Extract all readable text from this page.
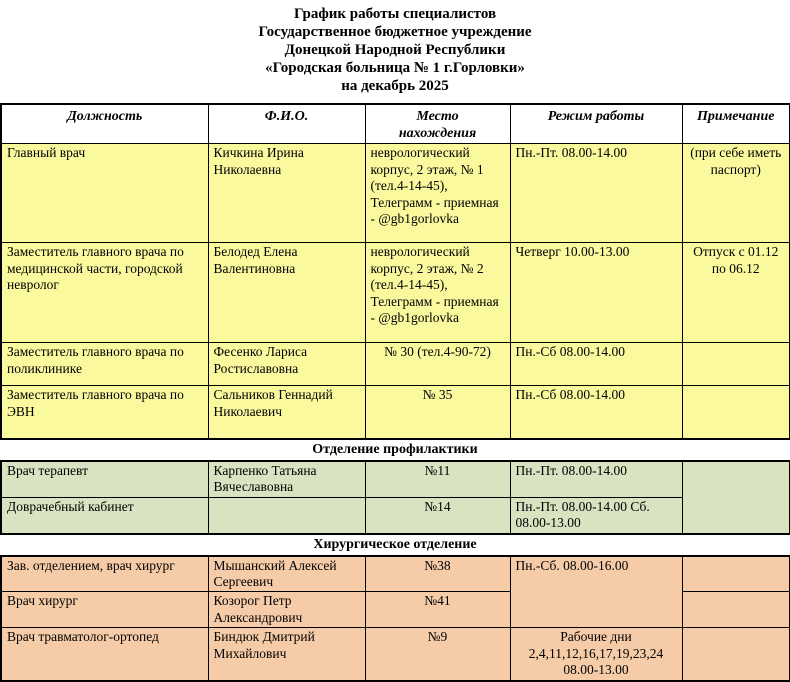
График работы специалистов
Государственное бюджетное учреждение
Донецкой Народной Республики
«Городская больница № 1 г.Горловки»
на декабрь 2025
Должность	Ф.И.О.	Место нахождения	Режим работы	Примечание
Главный врач	Кичкина Ирина Николаевна	неврологический корпус, 2 этаж, № 1 (тел.4-14-45), Телеграмм - приемная - @gb1gorlovka	Пн.-Пт. 08.00-14.00	(при себе иметь паспорт)
Заместитель главного врача по медицинской части, городской невролог	Белодед Елена Валентиновна	неврологический корпус, 2 этаж, № 2 (тел.4-14-45), Телеграмм - приемная - @gb1gorlovka	Четверг 10.00-13.00	Отпуск с 01.12 по 06.12
Заместитель главного врача по поликлинике	Фесенко Лариса Ростиславовна	№ 30 (тел.4-90-72)	Пн.-Сб 08.00-14.00	
Заместитель главного врача по ЭВН	Сальников Геннадий Николаевич	№ 35	Пн.-Сб 08.00-14.00	
Отделение профилактики
Врач терапевт	Карпенко Татьяна Вячеславовна	№11	Пн.-Пт. 08.00-14.00	
Доврачебный кабинет		№14	Пн.-Пт. 08.00-14.00 Сб. 08.00-13.00	
Хирургическое отделение
Зав. отделением, врач хирург	Мышанский Алексей Сергеевич	№38	Пн.-Сб. 08.00-16.00	
Врач хирург	Козорог Петр Александрович	№41		
Врач травматолог-ортопед	Биндюк Дмитрий Михайлович	№9	Рабочие дни 2,4,11,12,16,17,19,23,24 08.00-13.00	
